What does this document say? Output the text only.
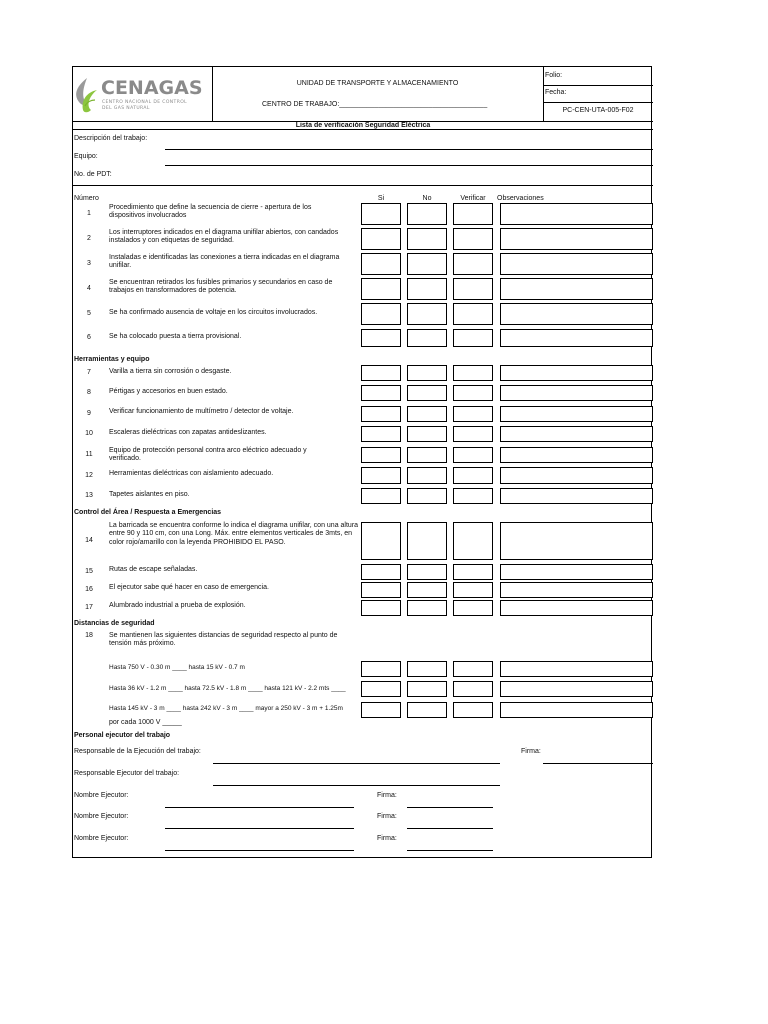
CENAGAS
CENTRO NACIONAL DE CONTROL
DEL GAS NATURAL
UNIDAD DE TRANSPORTE Y ALMACENAMIENTO
CENTRO DE TRABAJO:______________________________________
Folio:
Fecha:
PC-CEN-UTA-005-F02
Lista de verificación Seguridad Eléctrica
Descripción del trabajo:
Equipo:
No. de PDT:
Número	Si	No	Verificar	Observaciones
1
Procedimiento que define la secuencia de cierre - apertura de los dispositivos involucrados
2
Los interruptores indicados en el diagrama unifilar abiertos, con candados instalados y con etiquetas de seguridad.
3
Instaladas e identificadas las conexiones a tierra indicadas en el diagrama unifilar.
4
Se encuentran retirados los fusibles primarios y secundarios en caso de trabajos en transformadores de potencia.
5	Se ha confirmado ausencia de voltaje en los circuitos involucrados.
6	Se ha colocado puesta a tierra provisional.
7	Varilla a tierra sin corrosión o desgaste.
8	Pértigas y accesorios en buen estado.
9	Verificar funcionamiento de multímetro / detector de voltaje.
10	Escaleras dieléctricas con zapatas antideslizantes.
11
Equipo de protección personal contra arco eléctrico adecuado y verificado.
12	Herramientas dieléctricas con aislamiento adecuado.
13	Tapetes aislantes en piso.
14
La barricada se encuentra conforme lo indica el diagrama unifilar, con una altura entre 90 y 110 cm, con una Long. Máx. entre elementos verticales de 3mts, en color rojo/amarillo con la leyenda PROHIBIDO EL PASO.
15	Rutas de escape señaladas.
16	El ejecutor sabe qué hacer en caso de emergencia.
17	Alumbrado industrial a prueba de explosión.
18	Se mantienen las siguientes distancias de seguridad respecto al punto de tensión más próximo.
Herramientas y equipo
Control del Área / Respuesta a Emergencias
Distancias de seguridad
Personal ejecutor del trabajo
Hasta 750 V - 0.30 m ____ hasta 15 kV - 0.7 m
Hasta 36 kV - 1.2 m ____ hasta 72.5 kV - 1.8 m ____ hasta 121 kV - 2.2 mts ____
Hasta 145 kV - 3 m ____ hasta 242 kV - 3 m ____ mayor a 250 kV - 3 m + 1.25m
por cada 1000 V _____
Responsable de la Ejecución del trabajo:	Firma:
Responsable Ejecutor del trabajo:
Nombre Ejecutor:	Firma:
Nombre Ejecutor:	Firma:
Nombre Ejecutor:	Firma:
